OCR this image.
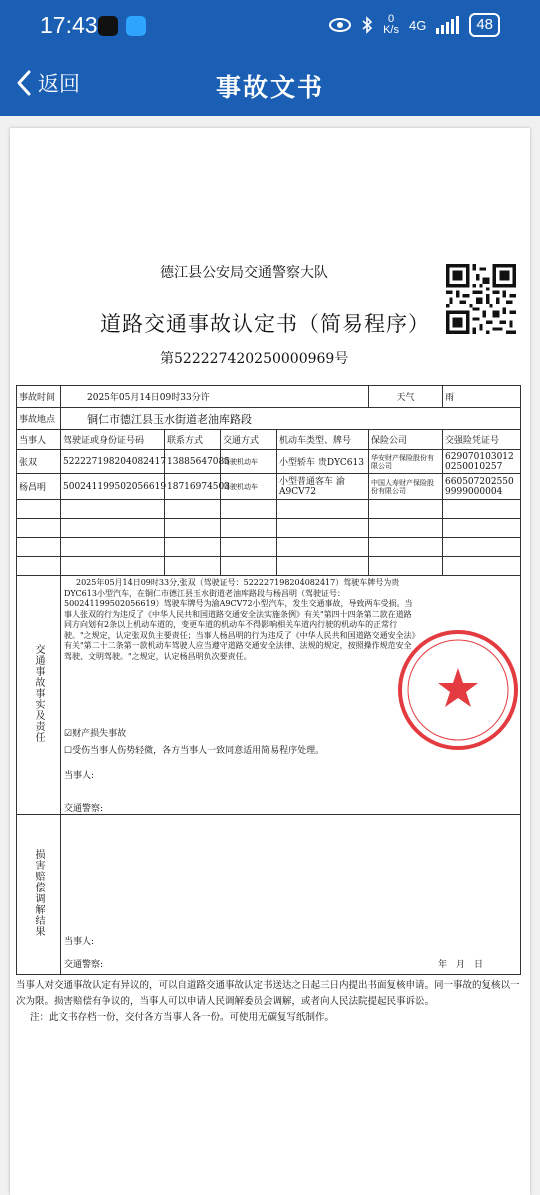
17:43	0
K/s 4G	48
返回	事故文书
德江县公安局交通警察大队
道路交通事故认定书（简易程序）
第522227420250000969号
事故时间	2025年05月14日09时33分许				天气	雨
事故地点	铜仁市德江县玉水街道老油库路段					
当事人	驾驶证或身份证号码	联系方式	交通方式	机动车类型、牌号	保险公司	交强险凭证号
张双	522227198204082417	13885647085	驾驶机动车	小型轿车 贵DYC613	华安财产保险股份有限公司	6290701030120250010257
杨昌明	500241199502056619	18716974503	驾驶机动车	小型普通客车 渝A9CV72	中国人寿财产保险股份有限公司	6605072025509999000004

交通事故事实及责任	2025年05月14日09时33分,张双（驾驶证号：522227198204082417）驾驶车牌号为贵DYC613小型汽车，在铜仁市德江县玉水街道老油库路段与杨昌明（驾驶证号：500241199502056619）驾驶车牌号为渝A9CV72小型汽车，发生交通事故，导致两车受损。当事人张双的行为违反了《中华人民共和国道路交通安全法实施条例》有关"第四十四条第二款在道路同方向划有2条以上机动车道的，变更车道的机动车不得影响相关车道内行驶的机动车的正常行驶。"之规定，认定张双负主要责任；当事人杨昌明的行为违反了《中华人民共和国道路交通安全法》有关"第二十二条第一款机动车驾驶人应当遵守道路交通安全法律、法规的规定，按照操作规范安全驾驶、文明驾驶。"之规定，认定杨昌明负次要责任。
☑财产损失事故
☐受伤当事人伤势轻微，各方当事人一致同意适用简易程序处理。
当事人:
交通警察:					

损害赔偿调解结果	当事人:
交通警察: 年　月　日					
当事人对交通事故认定有异议的，可以自道路交通事故认定书送达之日起三日内提出书面复核申请。同一事故的复核以一次为限。损害赔偿有争议的，当事人可以申请人民调解委员会调解，或者向人民法院提起民事诉讼。
注：此文书存档一份，交付各方当事人各一份。可使用无碳复写纸制作。
